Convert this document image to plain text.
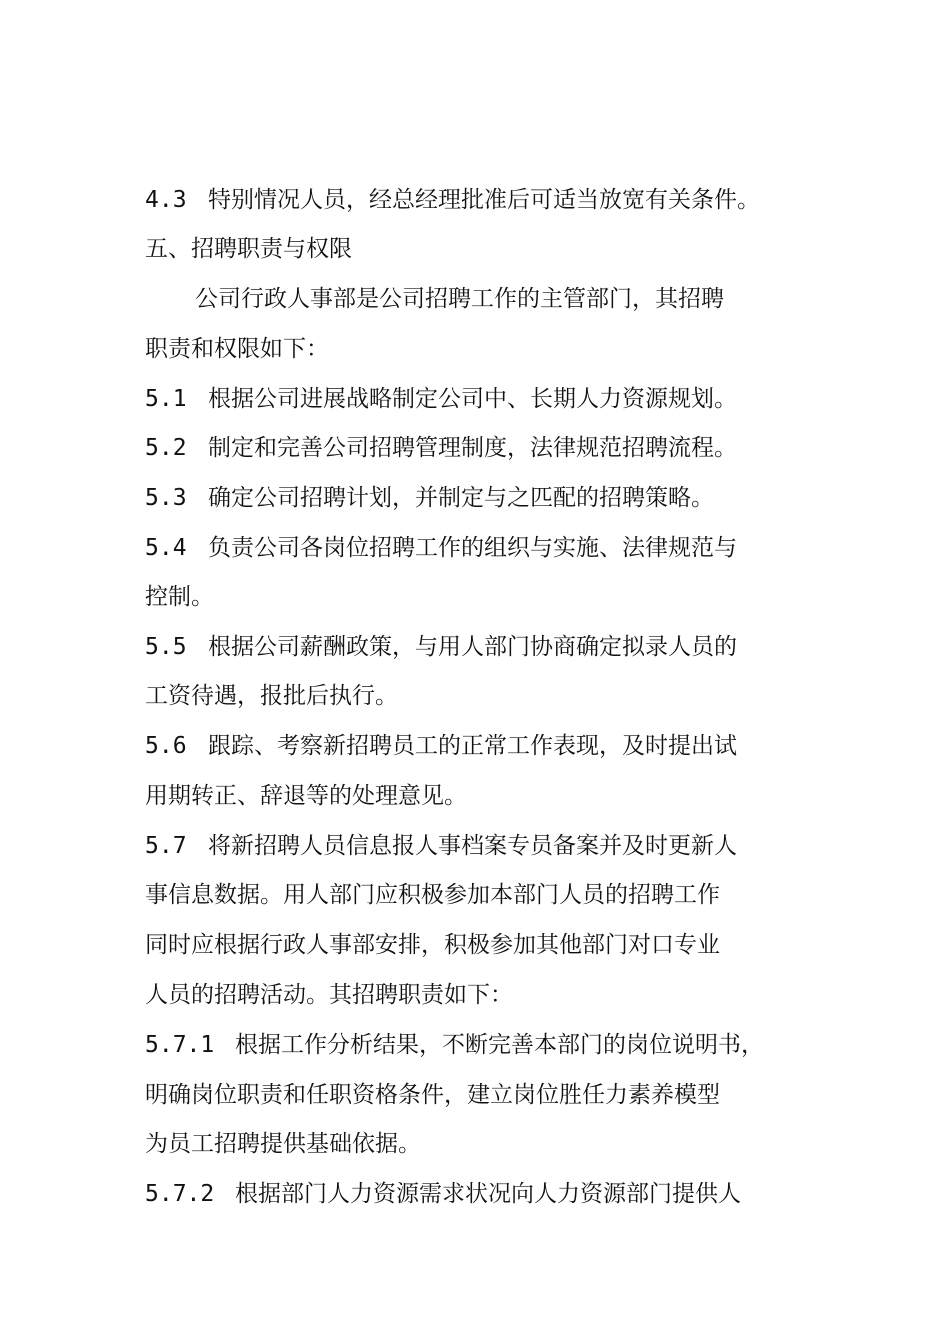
4.3 特别情况人员，经总经理批准后可适当放宽有关条件。

五、招聘职责与权限

公司行政人事部是公司招聘工作的主管部门，其招聘

职责和权限如下：

5.1 根据公司进展战略制定公司中、长期人力资源规划。

5.2 制定和完善公司招聘管理制度，法律规范招聘流程。

5.3 确定公司招聘计划，并制定与之匹配的招聘策略。

5.4 负责公司各岗位招聘工作的组织与实施、法律规范与

控制。

5.5 根据公司薪酬政策，与用人部门协商确定拟录人员的

工资待遇，报批后执行。

5.6 跟踪、考察新招聘员工的正常工作表现，及时提出试

用期转正、辞退等的处理意见。

5.7 将新招聘人员信息报人事档案专员备案并及时更新人

事信息数据。用人部门应积极参加本部门人员的招聘工作

同时应根据行政人事部安排，积极参加其他部门对口专业

人员的招聘活动。其招聘职责如下：

5.7.1 根据工作分析结果，不断完善本部门的岗位说明书，

明确岗位职责和任职资格条件，建立岗位胜任力素养模型

为员工招聘提供基础依据。

5.7.2 根据部门人力资源需求状况向人力资源部门提供人
